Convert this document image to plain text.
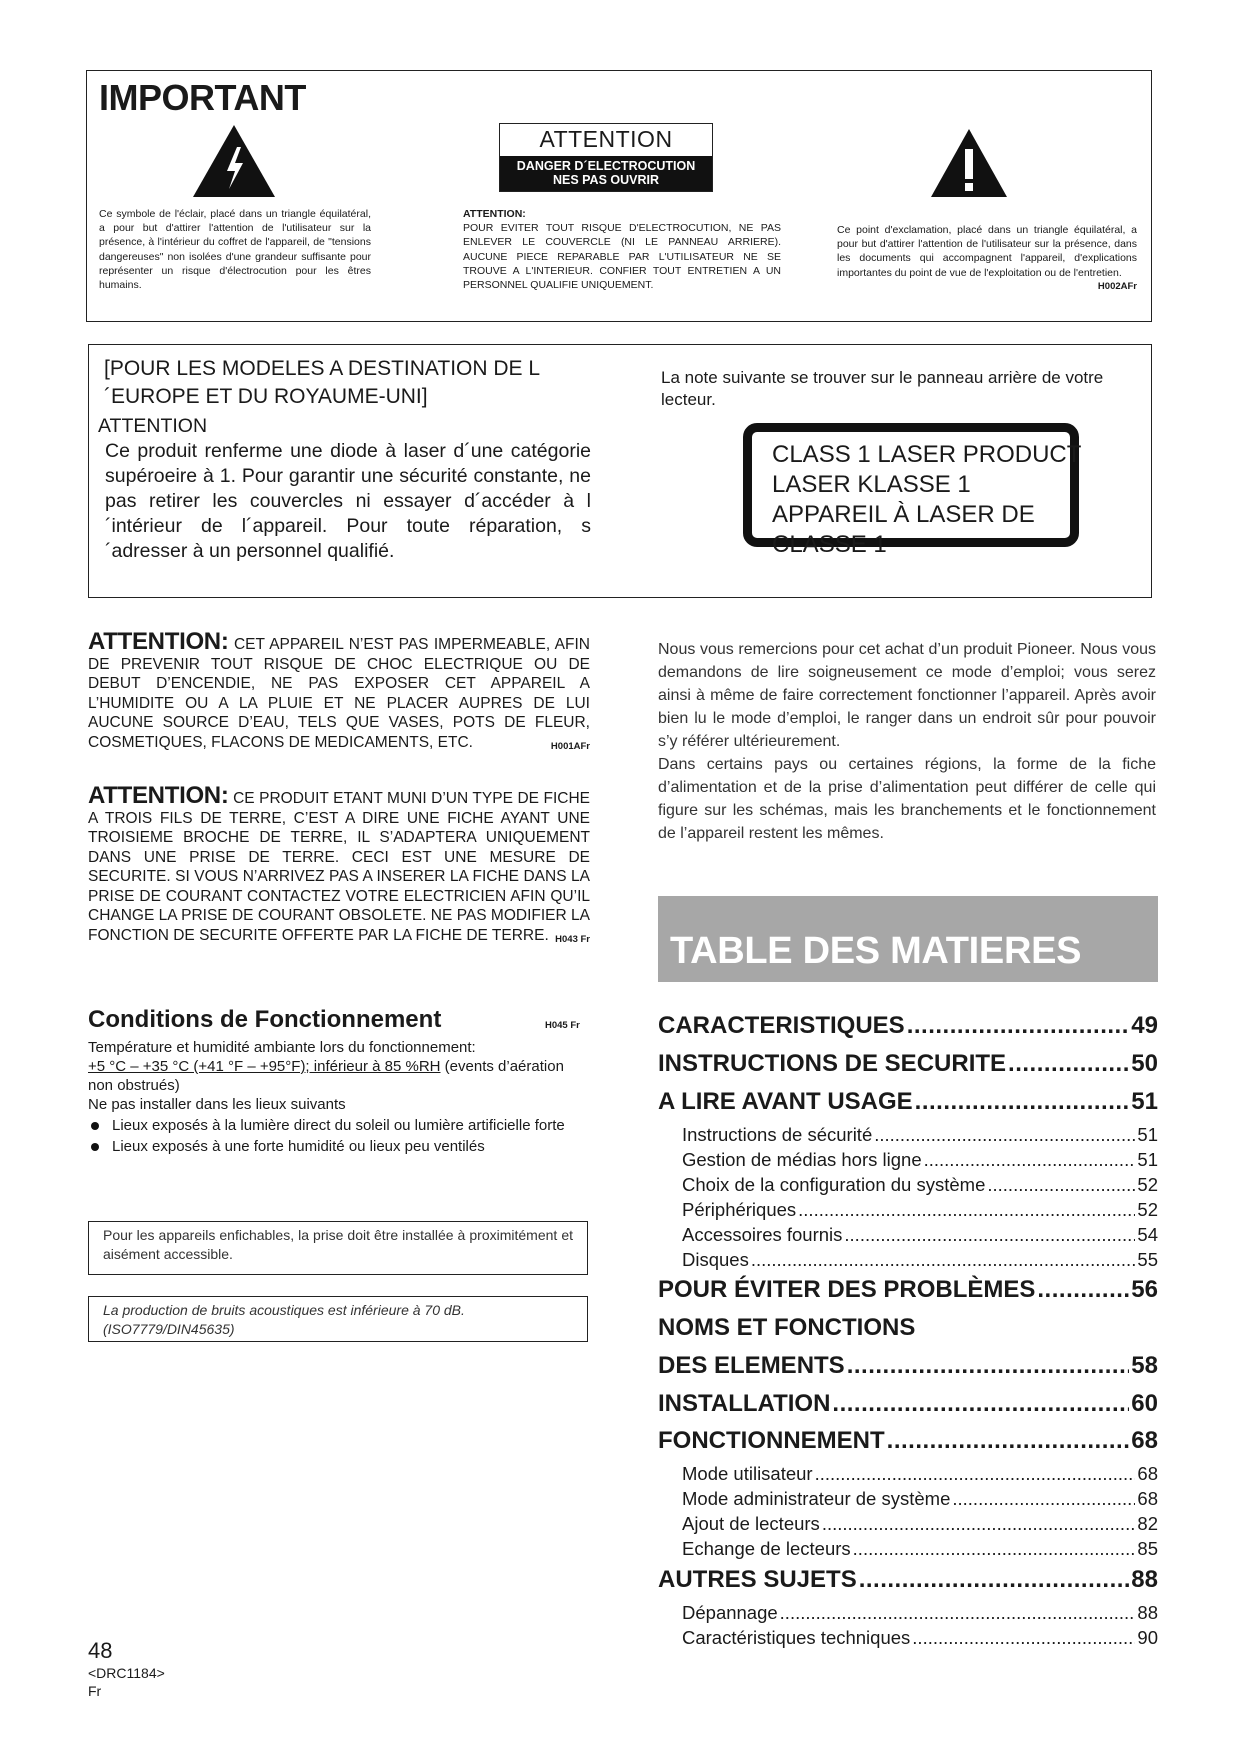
IMPORTANT
ATTENTION
DANGER D´ELECTROCUTION
NES PAS OUVRIR

Ce symbole de l'éclair, placé dans un triangle équilatéral, a pour but d'attirer l'attention de l'utilisateur sur la présence, à l'intérieur du coffret de l'appareil, de "tensions dangereuses" non isolées d'une grandeur suffisante pour représenter un risque d'électrocution pour les êtres humains.

ATTENTION:
POUR EVITER TOUT RISQUE D'ELECTROCUTION, NE PAS ENLEVER LE COUVERCLE (NI LE PANNEAU ARRIERE). AUCUNE PIECE REPARABLE PAR L'UTILISATEUR NE SE TROUVE A L'INTERIEUR. CONFIER TOUT ENTRETIEN A UN PERSONNEL QUALIFIE UNIQUEMENT.

Ce point d'exclamation, placé dans un triangle équilatéral, a pour but d'attirer l'attention de l'utilisateur sur la présence, dans les documents qui accompagnent l'appareil, d'explications importantes du point de vue de l'exploitation ou de l'entretien.
H002AFr

[POUR LES MODELES A DESTINATION DE L´EUROPE ET DU ROYAUME-UNI]

ATTENTION

Ce produit renferme une diode à laser d´une catégorie supéroeire à 1. Pour garantir une sécurité constante, ne pas retirer les couvercles ni essayer d´accéder à l´intérieur de l´appareil. Pour toute réparation, s´adresser à un personnel qualifié.

La note suivante se trouver sur le panneau arrière de votre lecteur.

CLASS 1 LASER PRODUCT
LASER KLASSE 1
APPAREIL À LASER DE
CLASSE 1

ATTENTION: CET APPAREIL N’EST PAS IMPERMEABLE, AFIN DE PREVENIR TOUT RISQUE DE CHOC ELECTRIQUE OU DE DEBUT D’ENCENDIE, NE PAS EXPOSER CET APPAREIL A L’HUMIDITE OU A LA PLUIE ET NE PLACER AUPRES DE LUI AUCUNE SOURCE D’EAU, TELS QUE VASES, POTS DE FLEUR, COSMETIQUES, FLACONS DE MEDICAMENTS, ETC.	H001AFr

ATTENTION: CE PRODUIT ETANT MUNI D’UN TYPE DE FICHE A TROIS FILS DE TERRE, C’EST A DIRE UNE FICHE AYANT UNE TROISIEME BROCHE DE TERRE, IL S’ADAPTERA UNIQUEMENT DANS UNE PRISE DE TERRE. CECI EST UNE MESURE DE SECURITE. SI VOUS N’ARRIVEZ PAS A INSERER LA FICHE DANS LA PRISE DE COURANT CONTACTEZ VOTRE ELECTRICIEN AFIN QU’IL CHANGE LA PRISE DE COURANT OBSOLETE. NE PAS MODIFIER LA FONCTION DE SECURITE OFFERTE PAR LA FICHE DE TERRE. H043 Fr

Conditions de Fonctionnement	H045 Fr

Température et humidité ambiante lors du fonctionnement:
+5 °C – +35 °C (+41 °F – +95°F); inférieur à 85 %RH (events d’aération non obstrués)
Ne pas installer dans les lieux suivants

Lieux exposés à la lumière direct du soleil ou lumière artificielle forte
Lieux exposés à une forte humidité ou lieux peu ventilés

Pour les appareils enfichables, la prise doit être installée à proximitément et aisément accessible.

La production de bruits acoustiques est inférieure à 70 dB. (ISO7779/DIN45635)

Nous vous remercions pour cet achat d’un produit Pioneer. Nous vous demandons de lire soigneusement ce mode d’emploi; vous serez ainsi à même de faire correctement fonctionner l’appareil. Après avoir bien lu le mode d’emploi, le ranger dans un endroit sûr pour pouvoir s’y référer ultérieurement.

Dans certains pays ou certaines régions, la forme de la fiche d’alimentation et de la prise d’alimentation peut différer de celle qui figure sur les schémas, mais les branchements et le fonctionnement de l’appareil restent les mêmes.

TABLE DES MATIERES
CARACTERISTIQUES .....	49
INSTRUCTIONS DE SECURITE .....	50
A LIRE AVANT USAGE .....	51
Instructions de sécurité .....	51
Gestion de médias hors ligne .....	51
Choix de la configuration du système .....	52
Périphériques .....	52
Accessoires fournis .....	54
Disques .....	55
POUR ÉVITER DES PROBLÈMES .....	56
NOMS ET FONCTIONS
DES ELEMENTS .....	58
INSTALLATION .....	60
FONCTIONNEMENT .....	68
Mode utilisateur .....	68
Mode administrateur de système .....	68
Ajout de lecteurs .....	82
Echange de lecteurs .....	85
AUTRES SUJETS .....	88
Dépannage .....	88
Caractéristiques techniques .....	90

48

<DRC1184>

Fr
